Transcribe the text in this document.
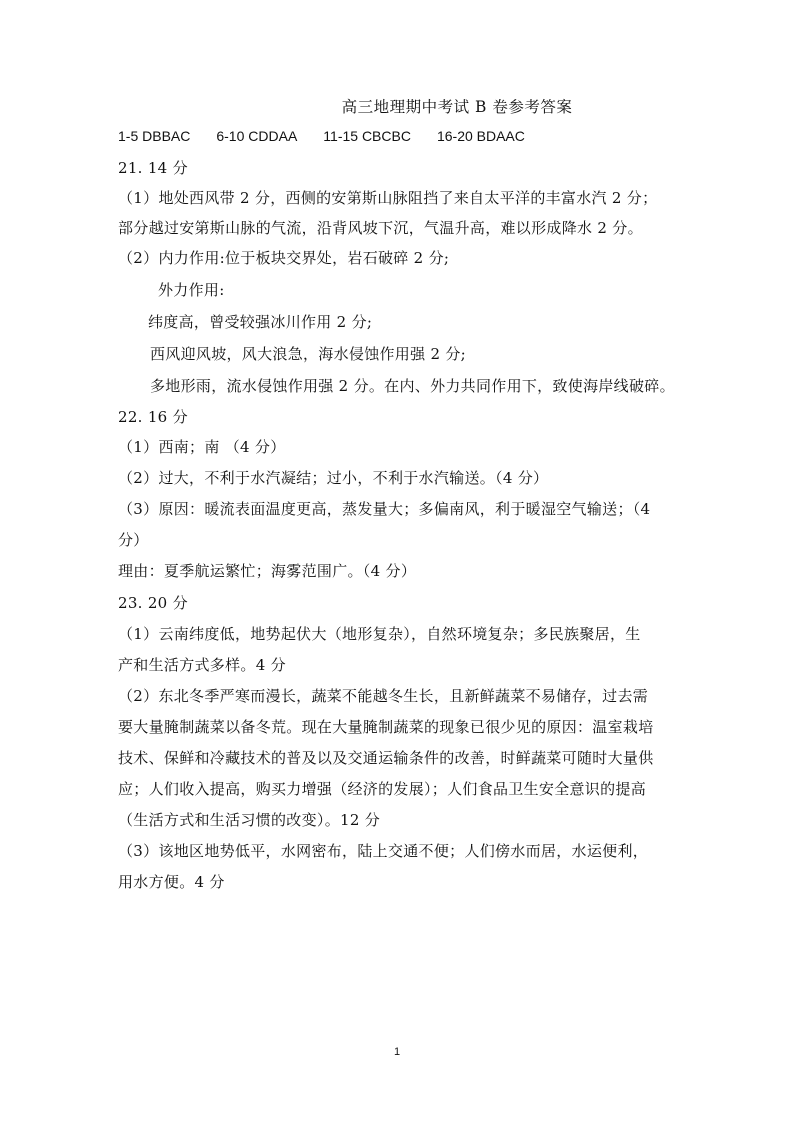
高三地理期中考试 B 卷参考答案
1-5 DBBAC 6-10 CDDAA 11-15 CBCBC 16-20 BDAAC
21. 14 分
（1）地处西风带 2 分，西侧的安第斯山脉阻挡了来自太平洋的丰富水汽 2 分；
部分越过安第斯山脉的气流，沿背风坡下沉，气温升高，难以形成降水 2 分。
（2）内力作用:位于板块交界处，岩石破碎 2 分;
外力作用:
纬度高，曾受较强冰川作用 2 分;
西风迎风坡，风大浪急，海水侵蚀作用强 2 分;
多地形雨，流水侵蚀作用强 2 分。在内、外力共同作用下，致使海岸线破碎。
22. 16 分
（1）西南；南 （4 分）
（2）过大，不利于水汽凝结；过小，不利于水汽输送。（4 分）
（3）原因：暖流表面温度更高，蒸发量大；多偏南风，利于暖湿空气输送；（4
分）
理由：夏季航运繁忙；海雾范围广。（4 分）
23. 20 分
（1）云南纬度低，地势起伏大（地形复杂），自然环境复杂；多民族聚居，生
产和生活方式多样。4 分
（2）东北冬季严寒而漫长，蔬菜不能越冬生长，且新鲜蔬菜不易储存，过去需
要大量腌制蔬菜以备冬荒。现在大量腌制蔬菜的现象已很少见的原因：温室栽培
技术、保鲜和冷藏技术的普及以及交通运输条件的改善，时鲜蔬菜可随时大量供
应；人们收入提高，购买力增强（经济的发展）；人们食品卫生安全意识的提高
（生活方式和生活习惯的改变）。12 分
（3）该地区地势低平，水网密布，陆上交通不便；人们傍水而居，水运便利，
用水方便。4 分
1
